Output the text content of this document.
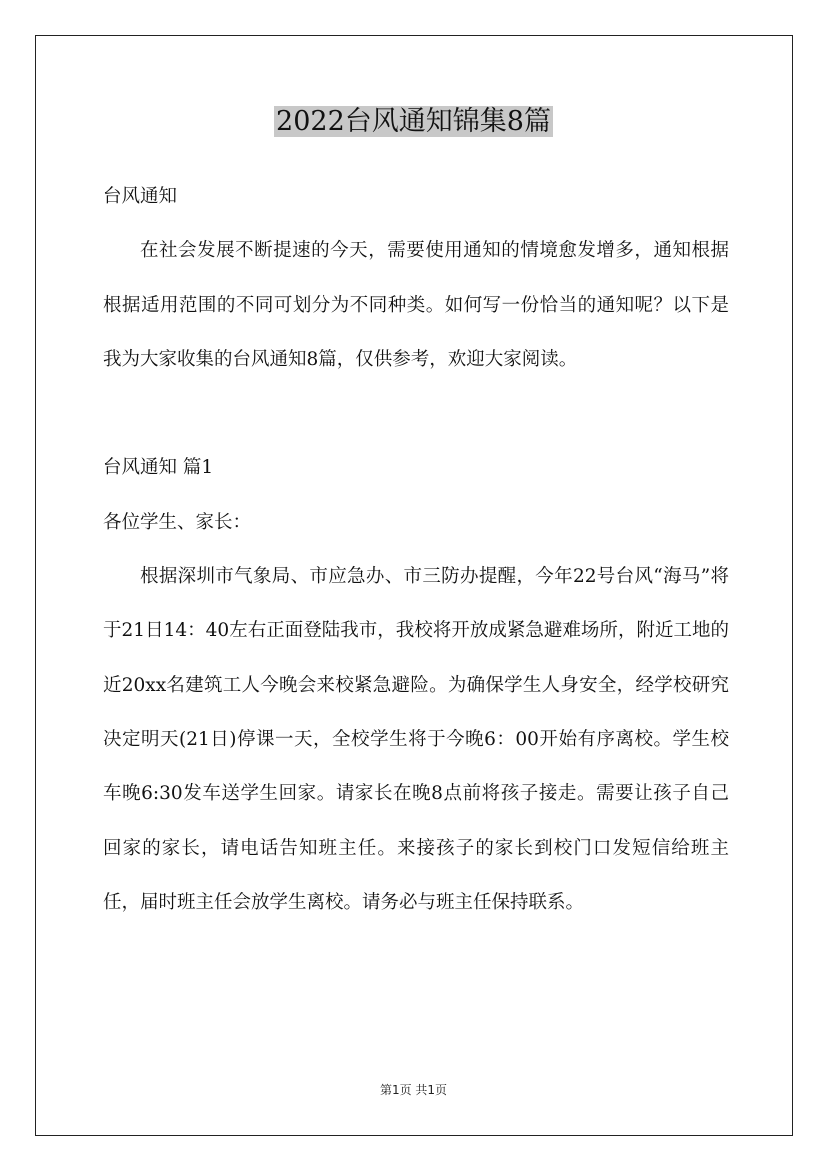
2022台风通知锦集8篇

台风通知

在社会发展不断提速的今天，需要使用通知的情境愈发增多，通知根据根据适用范围的不同可划分为不同种类。如何写一份恰当的通知呢？以下是我为大家收集的台风通知8篇，仅供参考，欢迎大家阅读。

台风通知 篇1

各位学生、家长：

根据深圳市气象局、市应急办、市三防办提醒，今年22号台风“海马”将于21日14：40左右正面登陆我市，我校将开放成紧急避难场所，附近工地的近20xx名建筑工人今晚会来校紧急避险。为确保学生人身安全，经学校研究决定明天(21日)停课一天，全校学生将于今晚6：00开始有序离校。学生校车晚6:30发车送学生回家。请家长在晚8点前将孩子接走。需要让孩子自己回家的家长，请电话告知班主任。来接孩子的家长到校门口发短信给班主任，届时班主任会放学生离校。请务必与班主任保持联系。

第1页 共1页
